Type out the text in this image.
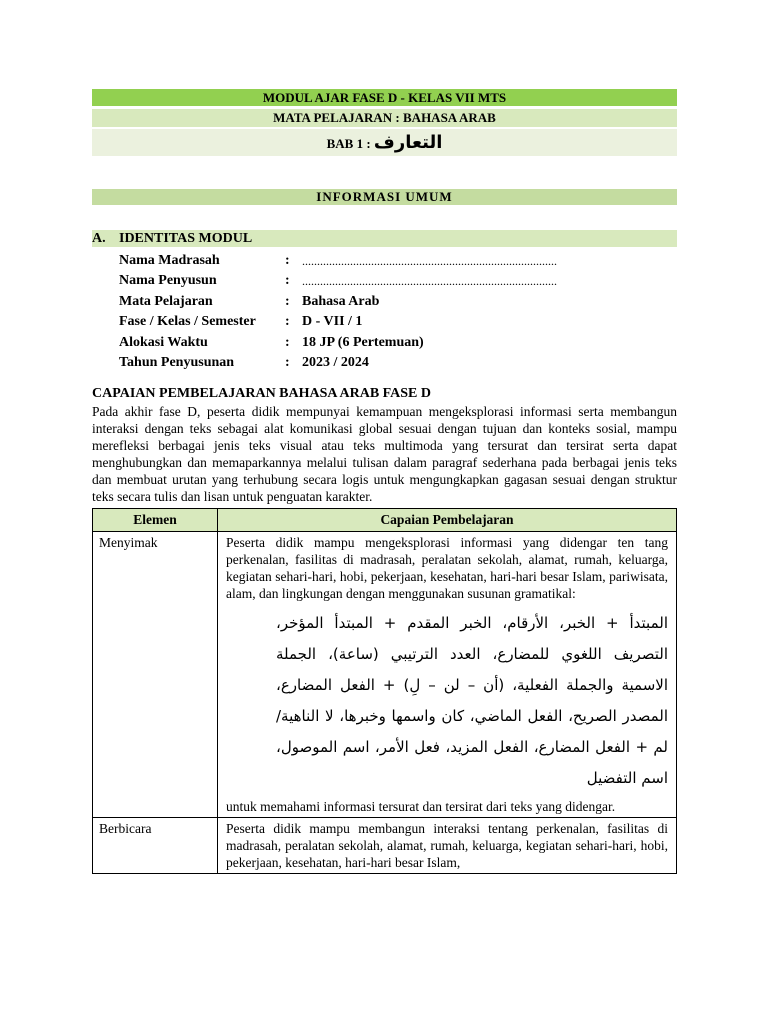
MODUL AJAR FASE D - KELAS VII MTS
MATA PELAJARAN : BAHASA ARAB
BAB 1 : التعارف
INFORMASI UMUM
A. IDENTITAS MODUL
Nama Madrasah	:	.....................................................................................
Nama Penyusun	:	.....................................................................................
Mata Pelajaran	: Bahasa Arab
Fase / Kelas / Semester	: D - VII / 1
Alokasi Waktu	: 18 JP (6 Pertemuan)
Tahun Penyusunan	: 2023 / 2024
CAPAIAN PEMBELAJARAN BAHASA ARAB FASE D
Pada akhir fase D, peserta didik mempunyai kemampuan mengeksplorasi informasi serta membangun interaksi dengan teks sebagai alat komunikasi global sesuai dengan tujuan dan konteks sosial, mampu merefleksi berbagai jenis teks visual atau teks multimoda yang tersurat dan tersirat serta dapat menghubungkan dan memaparkannya melalui tulisan dalam paragraf sederhana pada berbagai jenis teks dan membuat urutan yang terhubung secara logis untuk mengungkapkan gagasan sesuai dengan struktur teks secara tulis dan lisan untuk penguatan karakter.
Elemen	Capaian Pembelajaran
Menyimak	Peserta didik mampu mengeksplorasi informasi yang didengar ten tang perkenalan, fasilitas di madrasah, peralatan sekolah, alamat, rumah, keluarga, kegiatan sehari-hari, hobi, pekerjaan, kesehatan, hari-hari besar Islam, pariwisata, alam, dan lingkungan dengan menggunakan susunan gramatikal:
المبتدأ + الخبر، الأرقام، الخبر المقدم + المبتدأ المؤخر، التصريف اللغوي للمضارع، العدد الترتيبي (ساعة)، الجملة الاسمية والجملة الفعلية، (أن – لن – لِ) + الفعل المضارع، المصدر الصريح، الفعل الماضي، كان واسمها وخبرها، لا الناهية/لم + الفعل المضارع، الفعل المزيد، فعل الأمر، اسم الموصول، اسم التفضيل
untuk memahami informasi tersurat dan tersirat dari teks yang didengar.

Berbicara	Peserta didik mampu membangun interaksi tentang perkenalan, fasilitas di madrasah, peralatan sekolah, alamat, rumah, keluarga, kegiatan sehari-hari, hobi, pekerjaan, kesehatan, hari-hari besar Islam,
